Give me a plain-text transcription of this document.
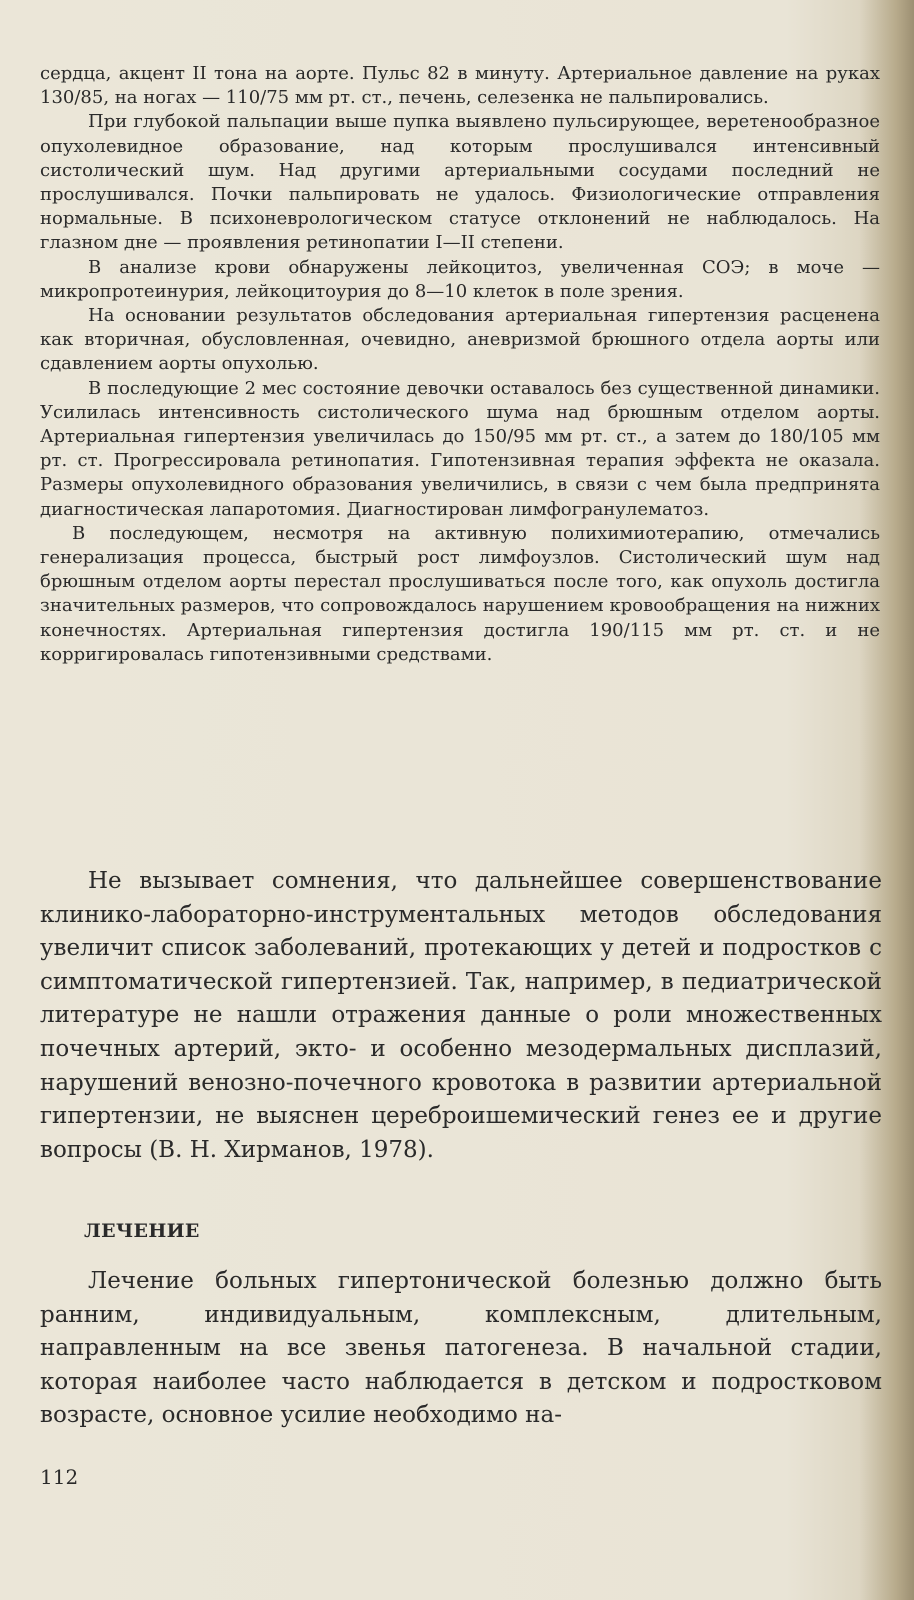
сердца, акцент II тона на аорте. Пульс 82 в минуту. Артериальное давление на руках 130/85, на ногах — 110/75 мм рт. ст., печень, селезенка не пальпировались.

При глубокой пальпации выше пупка выявлено пульсирующее, веретенообразное опухолевидное образование, над которым прослушивался интенсивный систолический шум. Над другими артериальными сосудами последний не прослушивался. Почки пальпировать не удалось. Физиологические отправления нормальные. В психоневрологическом статусе отклонений не наблюдалось. На глазном дне — проявления ретинопатии I—II степени.

В анализе крови обнаружены лейкоцитоз, увеличенная СОЭ; в моче — микропротеинурия, лейкоцитоурия до 8—10 клеток в поле зрения.

На основании результатов обследования артериальная гипертензия расценена как вторичная, обусловленная, очевидно, аневризмой брюшного отдела аорты или сдавлением аорты опухолью.

В последующие 2 мес состояние девочки оставалось без существенной динамики. Усилилась интенсивность систолического шума над брюшным отделом аорты. Артериальная гипертензия увеличилась до 150/95 мм рт. ст., а затем до 180/105 мм рт. ст. Прогрессировала ретинопатия. Гипотензивная терапия эффекта не оказала. Размеры опухолевидного образования увеличились, в связи с чем была предпринята диагностическая лапаротомия. Диагностирован лимфогранулематоз.

В последующем, несмотря на активную полихимиотерапию, отмечались генерализация процесса, быстрый рост лимфоузлов. Систолический шум над брюшным отделом аорты перестал прослушиваться после того, как опухоль достигла значительных размеров, что сопровождалось нарушением кровообращения на нижних конечностях. Артериальная гипертензия достигла 190/115 мм рт. ст. и не корригировалась гипотензивными средствами.

Не вызывает сомнения, что дальнейшее совершенствование клинико-лабораторно-инструментальных методов обследования увеличит список заболеваний, протекающих у детей и подростков с симптоматической гипертензией. Так, например, в педиатрической литературе не нашли отражения данные о роли множественных почечных артерий, экто- и особенно мезодермальных дисплазий, нарушений венозно-почечного кровотока в развитии артериальной гипертензии, не выяснен цереброишемический генез ее и другие вопросы (В. Н. Хирманов, 1978).

ЛЕЧЕНИЕ

Лечение больных гипертонической болезнью должно быть ранним, индивидуальным, комплексным, длительным, направленным на все звенья патогенеза. В начальной стадии, которая наиболее часто наблюдается в детском и подростковом возрасте, основное усилие необходимо на-

112
